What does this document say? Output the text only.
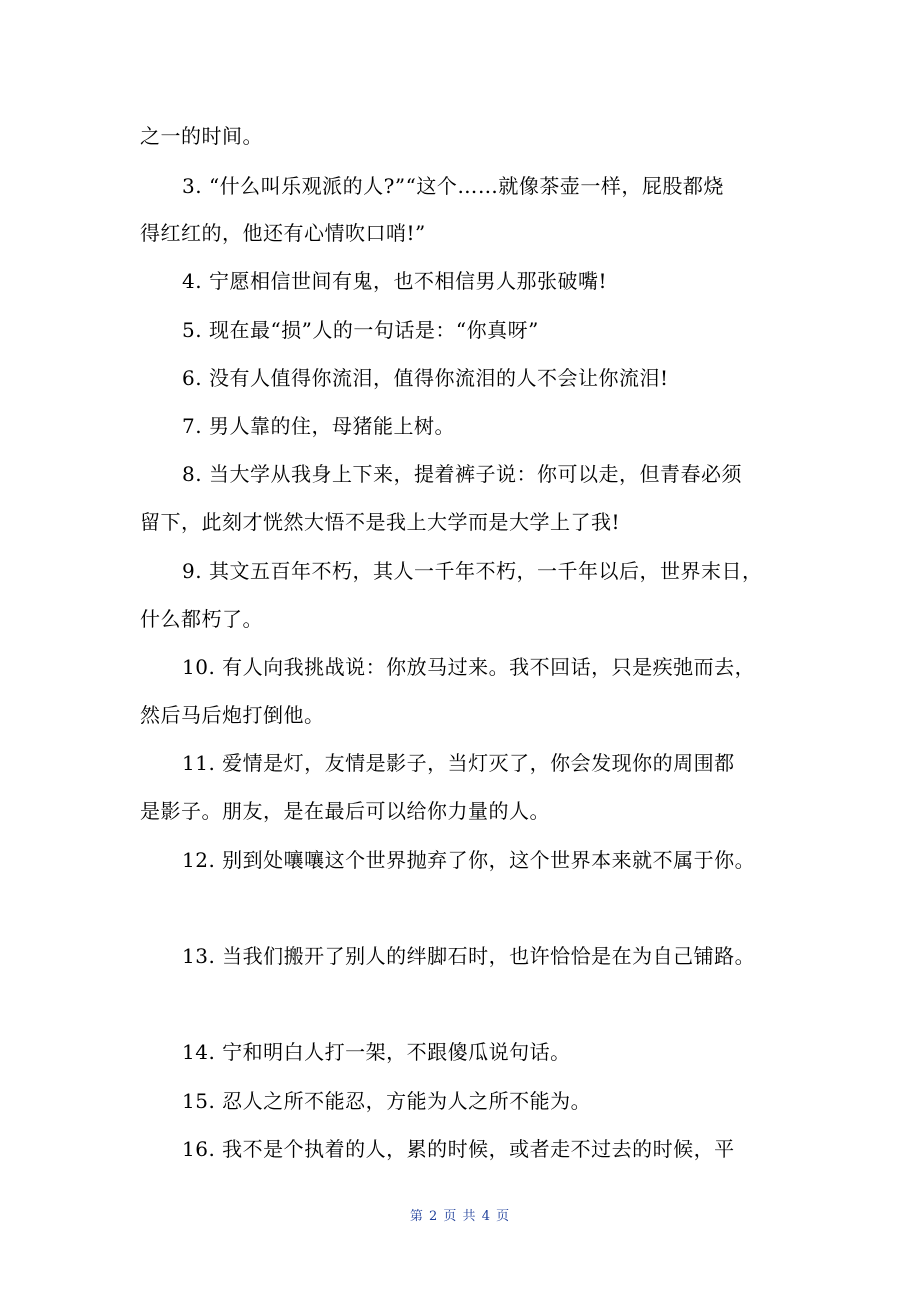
之一的时间。
3. “什么叫乐观派的人?”“这个……就像茶壶一样，屁股都烧
得红红的，他还有心情吹口哨!”
4. 宁愿相信世间有鬼，也不相信男人那张破嘴!
5. 现在最“损”人的一句话是：“你真呀”
6. 没有人值得你流泪，值得你流泪的人不会让你流泪!
7. 男人靠的住，母猪能上树。
8. 当大学从我身上下来，提着裤子说：你可以走，但青春必须
留下，此刻才恍然大悟不是我上大学而是大学上了我!
9. 其文五百年不朽，其人一千年不朽，一千年以后，世界末日，
什么都朽了。
10. 有人向我挑战说：你放马过来。我不回话，只是疾弛而去，
然后马后炮打倒他。
11. 爱情是灯，友情是影子，当灯灭了，你会发现你的周围都
是影子。朋友，是在最后可以给你力量的人。
12. 别到处嚷嚷这个世界抛弃了你，这个世界本来就不属于你。
13. 当我们搬开了别人的绊脚石时，也许恰恰是在为自己铺路。
14. 宁和明白人打一架，不跟傻瓜说句话。
15. 忍人之所不能忍，方能为人之所不能为。
16. 我不是个执着的人，累的时候，或者走不过去的时候，平
第 2 页 共 4 页
